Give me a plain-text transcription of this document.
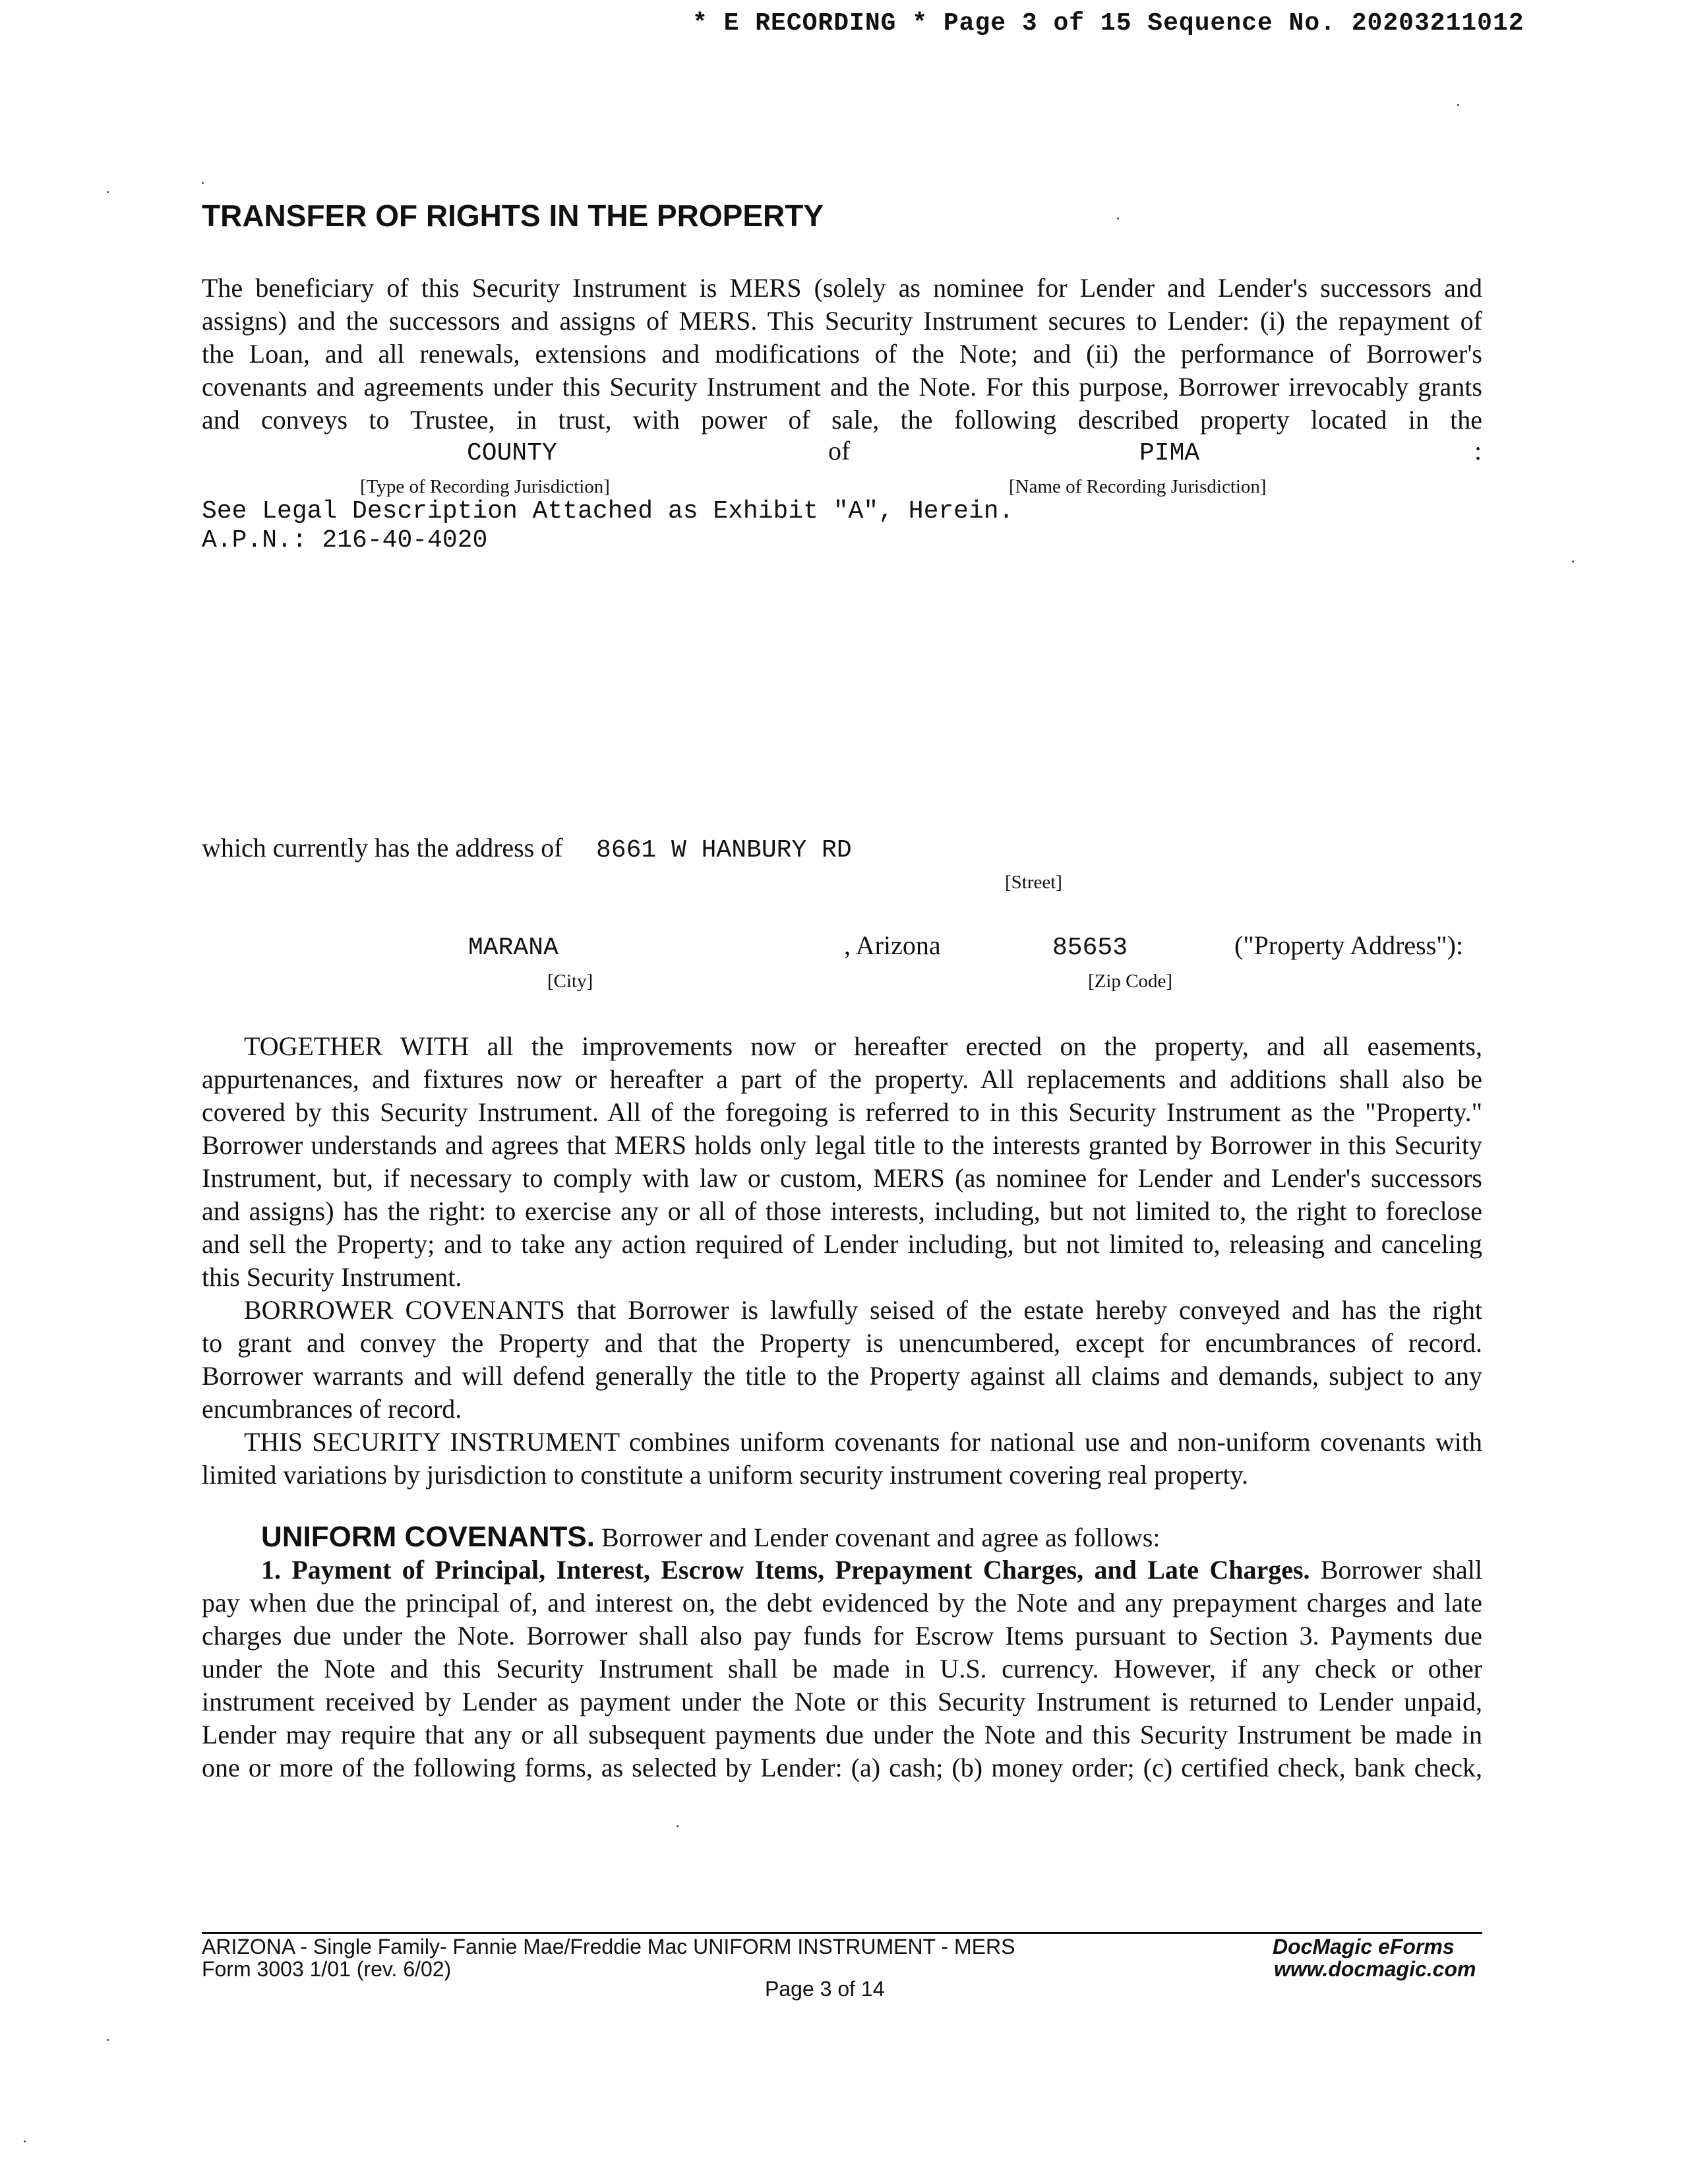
* E RECORDING * Page 3 of 15 Sequence No. 20203211012
TRANSFER OF RIGHTS IN THE PROPERTY
The beneficiary of this Security Instrument is MERS (solely as nominee for Lender and Lender's successors and
assigns) and the successors and assigns of MERS. This Security Instrument secures to Lender: (i) the repayment of
the Loan, and all renewals, extensions and modifications of the Note; and (ii) the performance of Borrower's
covenants and agreements under this Security Instrument and the Note. For this purpose, Borrower irrevocably grants
and conveys to Trustee, in trust, with power of sale, the following described property located in the
COUNTY	of	PIMA	:
[Type of Recording Jurisdiction]	[Name of Recording Jurisdiction]
See Legal Description Attached as Exhibit "A", Herein.
A.P.N.: 216-40-4020
which currently has the address of 8661 W HANBURY RD
[Street]
MARANA	, Arizona	85653	("Property Address"):
[City]	[Zip Code]
TOGETHER WITH all the improvements now or hereafter erected on the property, and all easements,
appurtenances, and fixtures now or hereafter a part of the property. All replacements and additions shall also be
covered by this Security Instrument. All of the foregoing is referred to in this Security Instrument as the "Property."
Borrower understands and agrees that MERS holds only legal title to the interests granted by Borrower in this Security
Instrument, but, if necessary to comply with law or custom, MERS (as nominee for Lender and Lender's successors
and assigns) has the right: to exercise any or all of those interests, including, but not limited to, the right to foreclose
and sell the Property; and to take any action required of Lender including, but not limited to, releasing and canceling
this Security Instrument.
BORROWER COVENANTS that Borrower is lawfully seised of the estate hereby conveyed and has the right
to grant and convey the Property and that the Property is unencumbered, except for encumbrances of record.
Borrower warrants and will defend generally the title to the Property against all claims and demands, subject to any
encumbrances of record.
THIS SECURITY INSTRUMENT combines uniform covenants for national use and non-uniform covenants with
limited variations by jurisdiction to constitute a uniform security instrument covering real property.
UNIFORM COVENANTS. Borrower and Lender covenant and agree as follows:
1. Payment of Principal, Interest, Escrow Items, Prepayment Charges, and Late Charges. Borrower shall
pay when due the principal of, and interest on, the debt evidenced by the Note and any prepayment charges and late
charges due under the Note. Borrower shall also pay funds for Escrow Items pursuant to Section 3. Payments due
under the Note and this Security Instrument shall be made in U.S. currency. However, if any check or other
instrument received by Lender as payment under the Note or this Security Instrument is returned to Lender unpaid,
Lender may require that any or all subsequent payments due under the Note and this Security Instrument be made in
one or more of the following forms, as selected by Lender: (a) cash; (b) money order; (c) certified check, bank check,
ARIZONA - Single Family- Fannie Mae/Freddie Mac UNIFORM INSTRUMENT - MERS
Form 3003 1/01 (rev. 6/02)
Page 3 of 14
DocMagic eForms
www.docmagic.com
